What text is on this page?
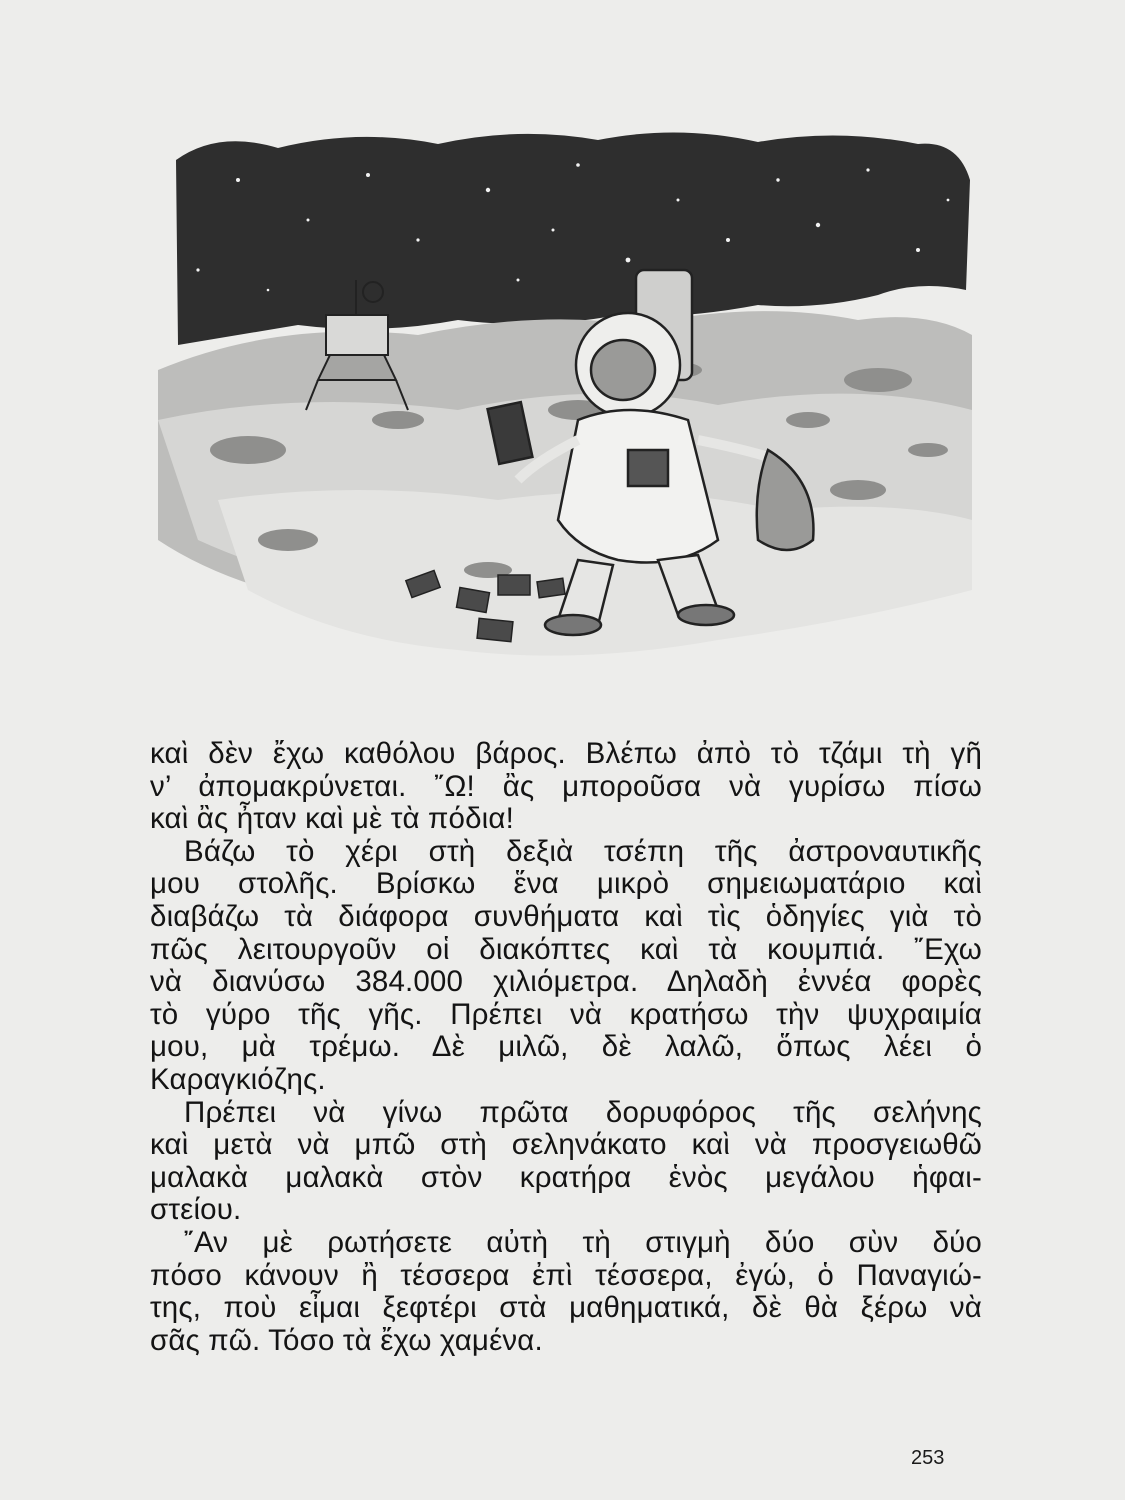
καὶ δὲν ἔχω καθόλου βάρος. Βλέπω ἀπὸ τὸ τζάμι τὴ γῆ
ν’ ἀπομακρύνεται. ῎Ω! ἂς μποροῦσα νὰ γυρίσω πίσω
καὶ ἂς ἦταν καὶ μὲ τὰ πόδια!
Βάζω τὸ χέρι στὴ δεξιὰ τσέπη τῆς ἀστροναυτικῆς
μου στολῆς. Βρίσκω ἕνα μικρὸ σημειωματάριο καὶ
διαβάζω τὰ διάφορα συνθήματα καὶ τὶς ὁδηγίες γιὰ τὸ
πῶς λειτουργοῦν οἱ διακόπτες καὶ τὰ κουμπιά. ῎Εχω
νὰ διανύσω 384.000 χιλιόμετρα. Δηλαδὴ ἐννέα φορὲς
τὸ γύρο τῆς γῆς. Πρέπει νὰ κρατήσω τὴν ψυχραιμία
μου, μὰ τρέμω. Δὲ μιλῶ, δὲ λαλῶ, ὅπως λέει ὁ
Καραγκιόζης.
Πρέπει νὰ γίνω πρῶτα δορυφόρος τῆς σελήνης
καὶ μετὰ νὰ μπῶ στὴ σεληνάκατο καὶ νὰ προσγειωθῶ
μαλακὰ μαλακὰ στὸν κρατήρα ἑνὸς μεγάλου ἡφαι-
στείου.
῎Αν μὲ ρωτήσετε αὐτὴ τὴ στιγμὴ δύο σὺν δύο
πόσο κάνουν ἢ τέσσερα ἐπὶ τέσσερα, ἐγώ, ὁ Παναγιώ-
της, ποὺ εἶμαι ξεφτέρι στὰ μαθηματικά, δὲ θὰ ξέρω νὰ
σᾶς πῶ. Τόσο τὰ ἔχω χαμένα.
253
